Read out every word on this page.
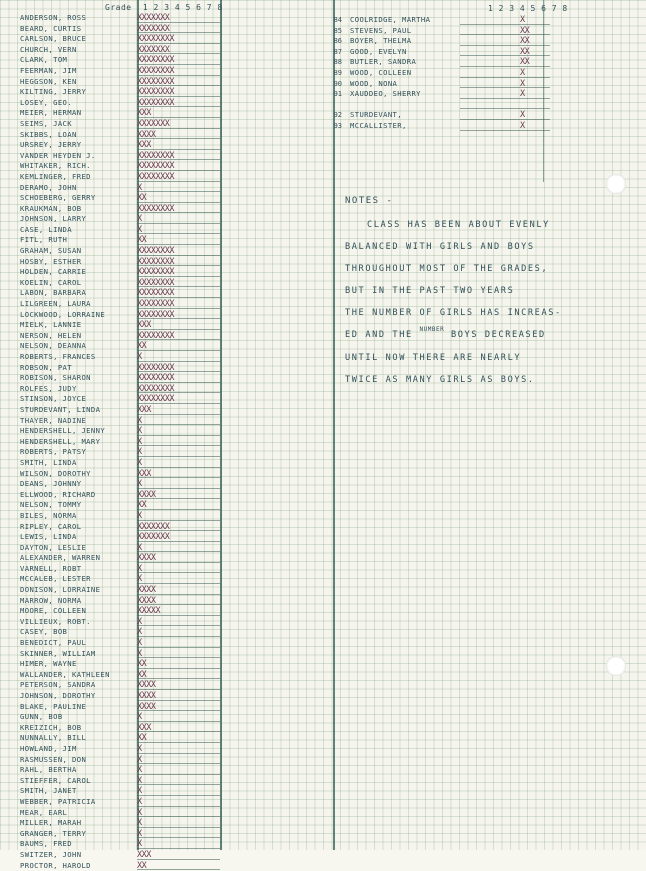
Grade 1 2 3 4 5 6 7 8	1 2 3 4 5 6 7 8
ANDERSON, ROSS	XXXXXXX
BEARD, CURTIS	XXXXXXX
CARLSON, BRUCE	XXXXXXXX
CHURCH, VERN	XXXXXXX
CLARK, TOM	XXXXXXXX
FEERMAN, JIM	XXXXXXXX
HEGGSON, KEN	XXXXXXXX
KILTING, JERRY	XXXXXXXX
LOSEY, GEO.	XXXXXXXX
MEIER, HERMAN	XXX
SEIMS, JACK	XXXXXXX
SKIBBS, LOAN	XXXX
URSREY, JERRY	XXX
VANDER HEYDEN J.	XXXXXXXX
WHITAKER, RICH.	XXXXXXXX
KEMLINGER, FRED	XXXXXXXX
DERAMO, JOHN	X
SCHOEBERG, GERRY	XX
KRAUKMAN, BOB	XXXXXXXX
JOHNSON, LARRY	X
CASE, LINDA	X
FITL, RUTH	XX
GRAHAM, SUSAN	XXXXXXXX
HOSBY, ESTHER	XXXXXXXX
HOLDEN, CARRIE	XXXXXXXX
KOELIN, CAROL	XXXXXXXX
LABON, BARBARA	XXXXXXXX
LILGREEN, LAURA	XXXXXXXX
LOCKWOOD, LORRAINE	XXXXXXXX
MIELK, LANNIE	XXX
NERSON, HELEN	XXXXXXXX
NELSON, DEANNA	XX
ROBERTS, FRANCES	X
ROBSON, PAT	XXXXXXXX
ROBISON, SHARON	XXXXXXXX
ROLFES, JUDY	XXXXXXXX
STINSON, JOYCE	XXXXXXXX
STURDEVANT, LINDA	XXX
THAYER, NADINE	X
HENDERSHELL, JENNY	X
HENDERSHELL, MARY	X
ROBERTS, PATSY	X
SMITH, LINDA	X
WILSON, DOROTHY	XXX
DEANS, JOHNNY	X
ELLWOOD, RICHARD	XXXX
NELSON, TOMMY	XX
BILES, NORMA	X
RIPLEY, CAROL	XXXXXXX
LEWIS, LINDA	XXXXXXX
DAYTON, LESLIE	X
ALEXANDER, WARREN	XXXX
VARNELL, ROBT	X
MCCALEB, LESTER	X
DONISON, LORRAINE	XXXX
MARROW, NORMA	XXXX
MOORE, COLLEEN	XXXXX
VILLIEUX, ROBT.	X
CASEY, BOB	X
BENEDICT, PAUL	X
SKINNER, WILLIAM	X
HIMER, WAYNE	XX
WALLANDER, KATHLEEN	XX
PETERSON, SANDRA	XXXX
JOHNSON, DOROTHY	XXXX
BLAKE, PAULINE	XXXX
GUNN, BOB	X
KREIZICH, BOB	XXX
NUNNALLY, BILL	XX
HOWLAND, JIM	X
RASMUSSEN, DON	X
RAHL, BERTHA	X
STIEFFER, CAROL	X
SMITH, JANET	X
WEBBER, PATRICIA	X
MEAR, EARL	X
MILLER, MARAH	X
GRANGER, TERRY	X
BAUMS, FRED	X
SWITZER, JOHN	XXX
PROCTOR, HAROLD	XX
84 COOLRIDGE, MARTHA	X
85 STEVENS, PAUL	XX
86 BOYER, THELMA	XX
87 GOOD, EVELYN	XX
88 BUTLER, SANDRA	XX
89 WOOD, COLLEEN	X
90 WOOD, NONA	X
91 XAUDDEO, SHERRY	X
92 STURDEVANT,	X
93 MCCALLISTER,	X
NOTES -
CLASS HAS BEEN ABOUT EVENLY
BALANCED WITH GIRLS AND BOYS
THROUGHOUT MOST OF THE GRADES,
BUT IN THE PAST TWO YEARS
THE NUMBER OF GIRLS HAS INCREAS-
ED AND THE $^{NUMBER}$ BOYS DECREASED
UNTIL NOW THERE ARE NEARLY
TWICE AS MANY GIRLS AS BOYS.
